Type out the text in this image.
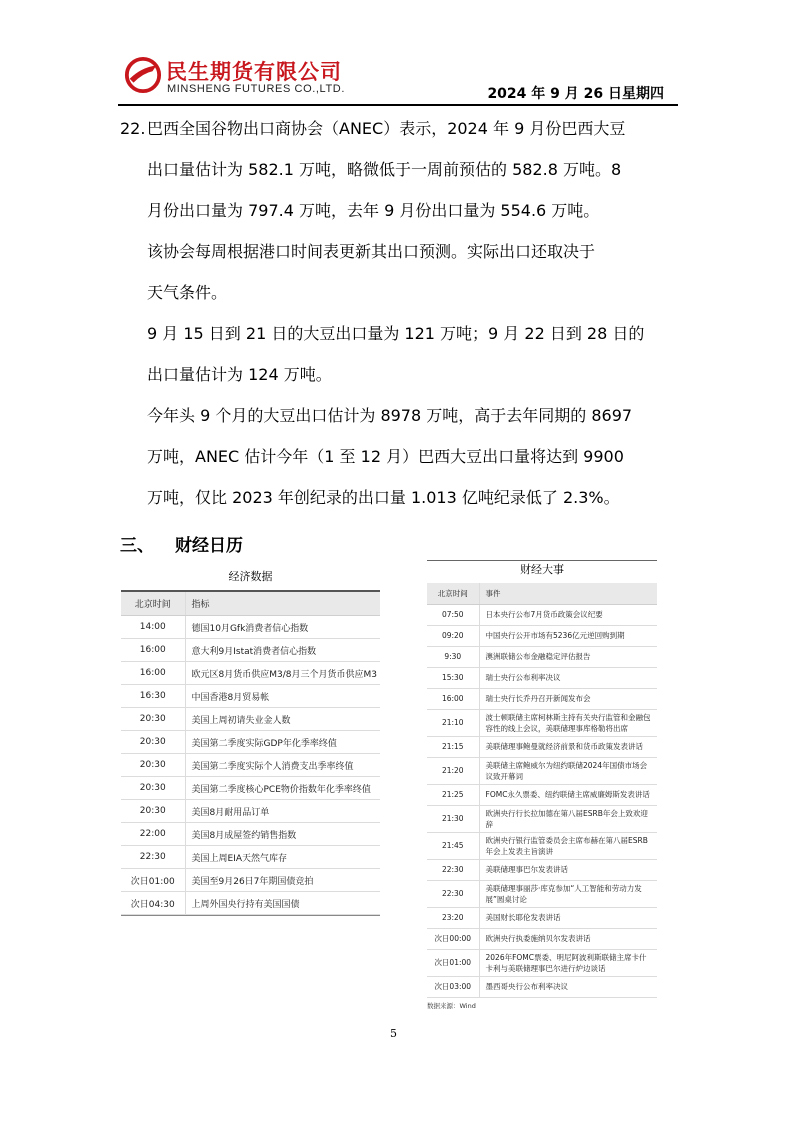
民生期货有限公司
MINSHENG FUTURES CO.,LTD.	2024 年 9 月 26 日星期四
22. 巴西全国谷物出口商协会（ANEC）表示，2024 年 9 月份巴西大豆
出口量估计为 582.1 万吨，略微低于一周前预估的 582.8 万吨。8
月份出口量为 797.4 万吨，去年 9 月份出口量为 554.6 万吨。
该协会每周根据港口时间表更新其出口预测。实际出口还取决于
天气条件。
9 月 15 日到 21 日的大豆出口量为 121 万吨；9 月 22 日到 28 日的
出口量估计为 124 万吨。
今年头 9 个月的大豆出口估计为 8978 万吨，高于去年同期的 8697
万吨，ANEC 估计今年（1 至 12 月）巴西大豆出口量将达到 9900
万吨，仅比 2023 年创纪录的出口量 1.013 亿吨纪录低了 2.3%。
三、 财经日历
经济数据
北京时间	指标
14:00	德国10月Gfk消费者信心指数
16:00	意大利9月Istat消费者信心指数
16:00	欧元区8月货币供应M3/8月三个月货币供应M3
16:30	中国香港8月贸易帐
20:30	美国上周初请失业金人数
20:30	美国第二季度实际GDP年化季率终值
20:30	美国第二季度实际个人消费支出季率终值
20:30	美国第二季度核心PCE物价指数年化季率终值
20:30	美国8月耐用品订单
22:00	美国8月成屋签约销售指数
22:30	美国上周EIA天然气库存
次日01:00	美国至9月26日7年期国债竞拍
次日04:30	上周外国央行持有美国国债
财经大事
北京时间	事件
07:50	日本央行公布7月货币政策会议纪要
09:20	中国央行公开市场有5236亿元逆回购到期
9:30	澳洲联储公布金融稳定评估报告
15:30	瑞士央行公布利率决议
16:00	瑞士央行长乔丹召开新闻发布会
21:10	波士顿联储主席柯林斯主持有关央行监管和金融包容性的线上会议，美联储理事库格勒将出席
21:15	美联储理事鲍曼就经济前景和货币政策发表讲话
21:20	美联储主席鲍威尔为纽约联储2024年国债市场会议致开幕词
21:25	FOMC永久票委、纽约联储主席威廉姆斯发表讲话
21:30	欧洲央行行长拉加德在第八届ESRB年会上致欢迎辞
21:45	欧洲央行银行监管委员会主席布赫在第八届ESRB年会上发表主旨演讲
22:30	美联储理事巴尔发表讲话
22:30	美联储理事丽莎·库克参加“人工智能和劳动力发展”圆桌讨论
23:20	美国财长耶伦发表讲话
次日00:00	欧洲央行执委施纳贝尔发表讲话
次日01:00	2026年FOMC票委、明尼阿波利斯联储主席卡什卡利与美联储理事巴尔进行炉边谈话
次日03:00	墨西哥央行公布利率决议
数据来源：Wind
5
